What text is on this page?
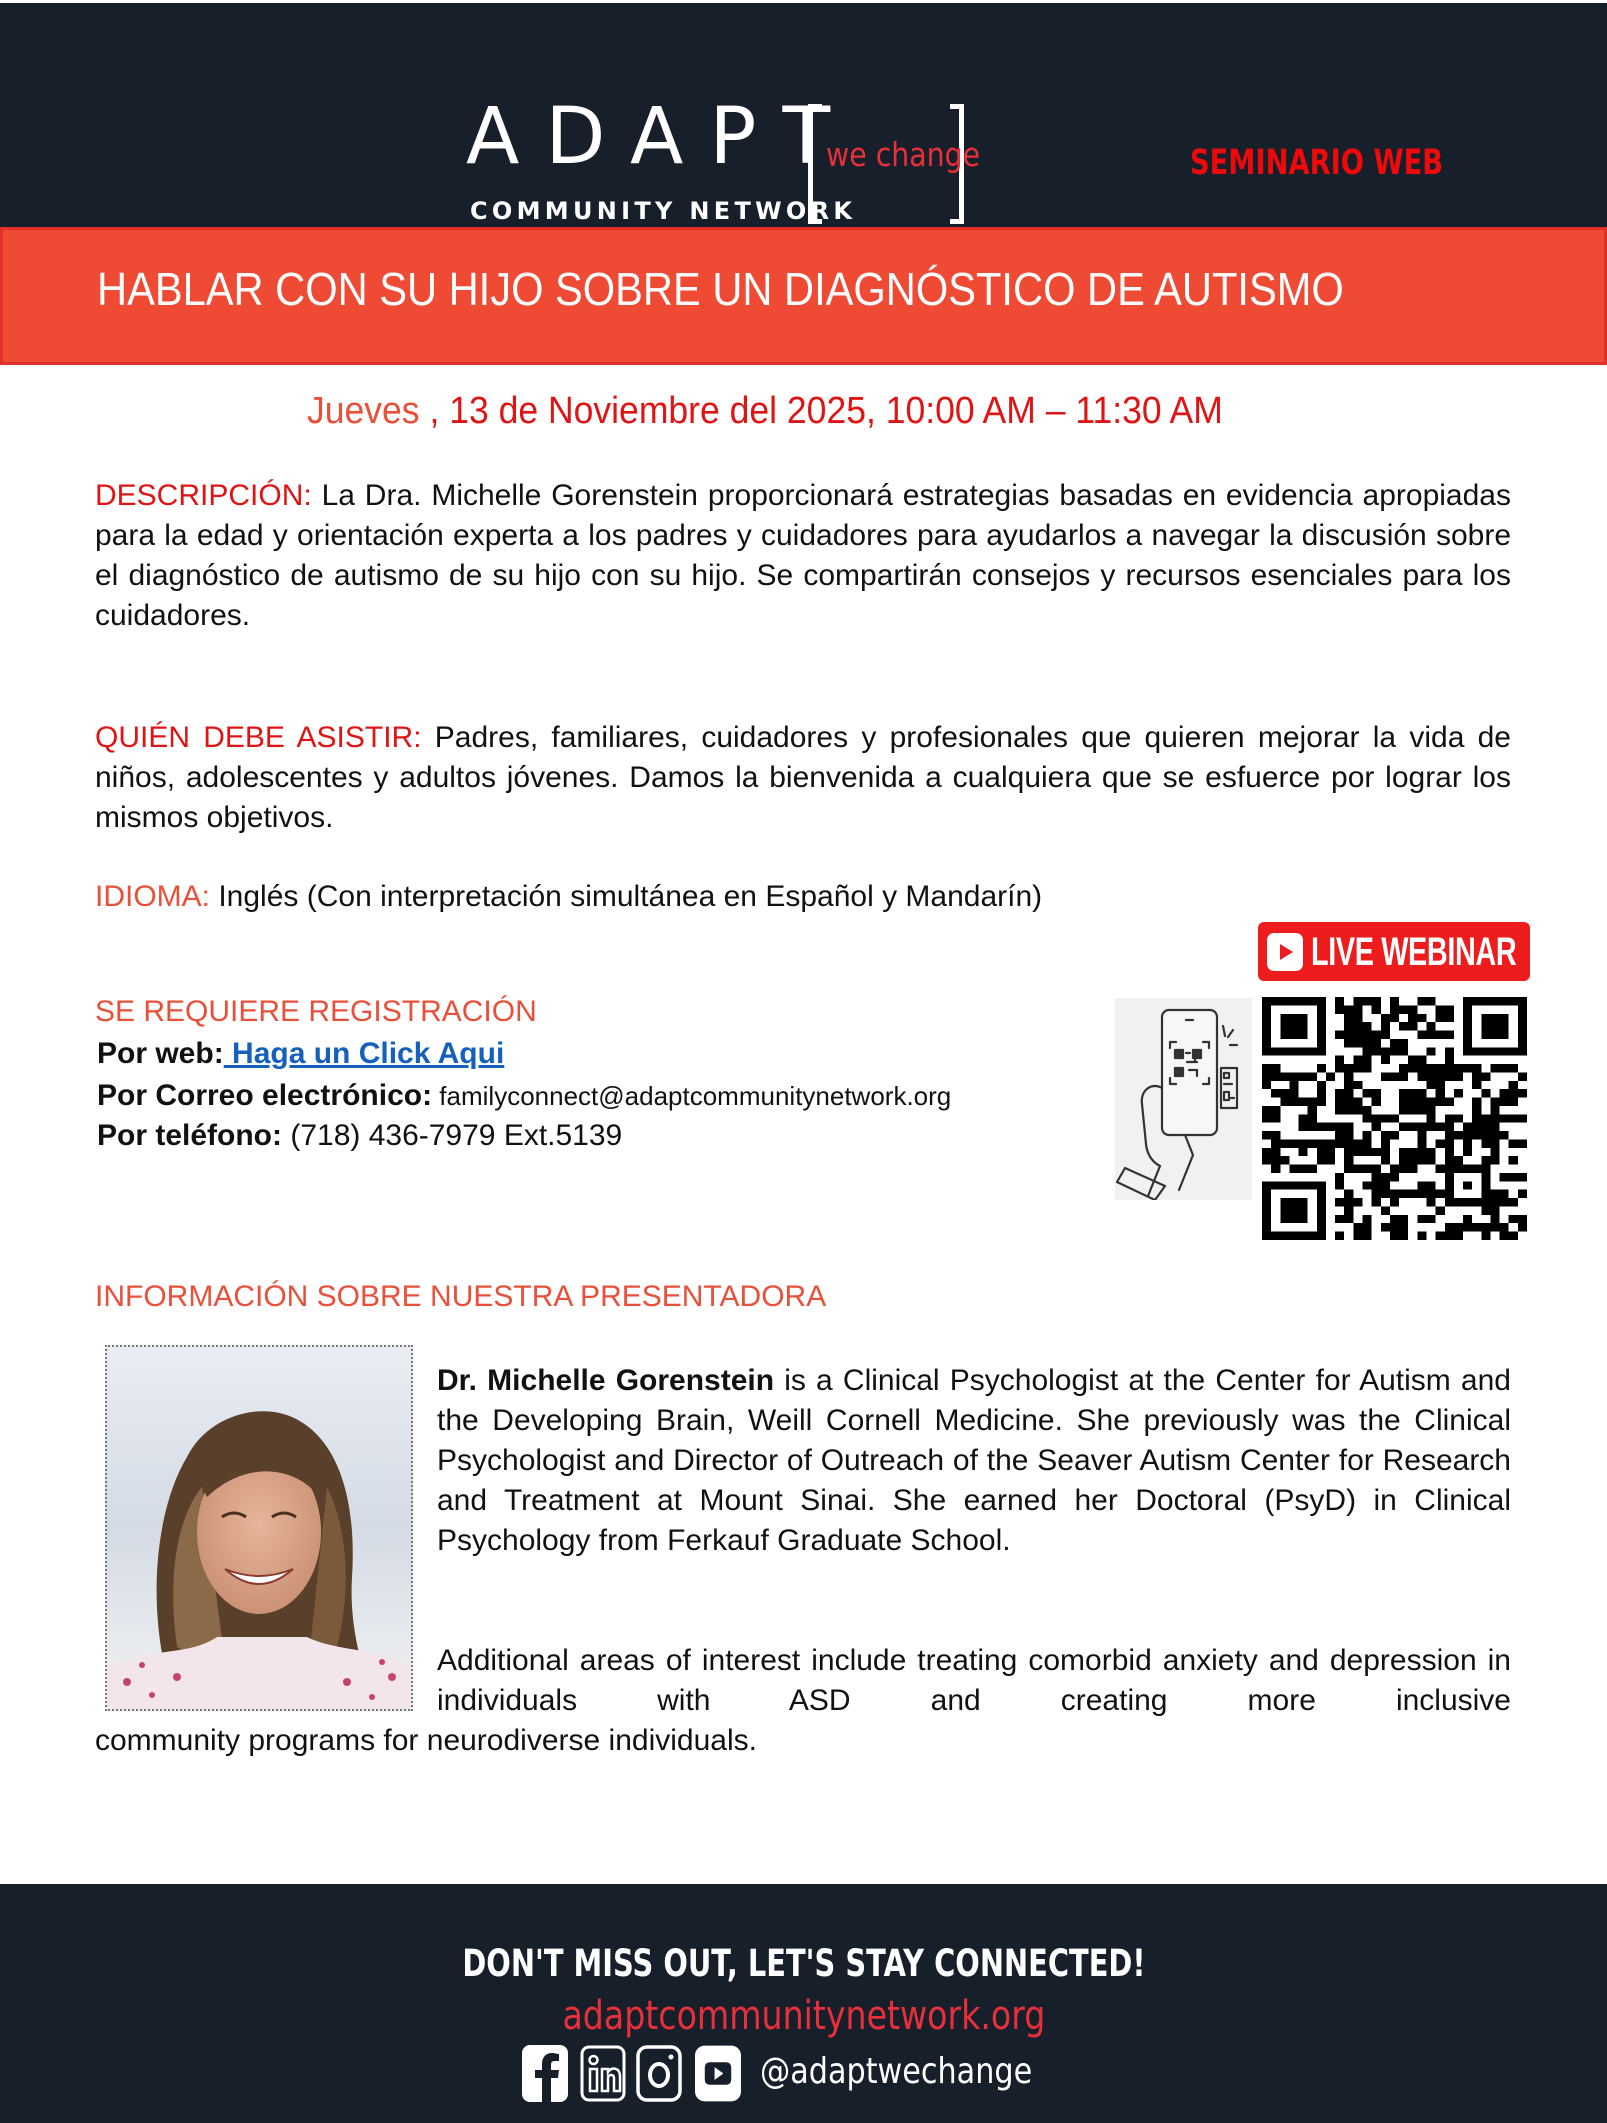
ADAPT
COMMUNITY NETWORK
we change	SEMINARIO WEB
HABLAR CON SU HIJO SOBRE UN DIAGNÓSTICO DE AUTISMO
Jueves , 13 de Noviembre del 2025, 10:00 AM – 11:30 AM
DESCRIPCIÓN: La Dra. Michelle Gorenstein proporcionará estrategias basadas en evidencia apropiadas para la edad y orientación experta a los padres y cuidadores para ayudarlos a navegar la discusión sobre el diagnóstico de autismo de su hijo con su hijo. Se compartirán consejos y recursos esenciales para los cuidadores.
QUIÉN DEBE ASISTIR: Padres, familiares, cuidadores y profesionales que quieren mejorar la vida de niños, adolescentes y adultos jóvenes. Damos la bienvenida a cualquiera que se esfuerce por lograr los mismos objetivos.
IDIOMA: Inglés (Con interpretación simultánea en Español y Mandarín)
LIVE WEBINAR
SE REQUIERE REGISTRACIÓN
Por web: Haga un Click Aqui
Por Correo electrónico: familyconnect@adaptcommunitynetwork.org
Por teléfono: (718) 436-7979 Ext.5139
INFORMACIÓN SOBRE NUESTRA PRESENTADORA
Dr. Michelle Gorenstein is a Clinical Psychologist at the Center for Autism and the Developing Brain, Weill Cornell Medicine. She previously was the Clinical Psychologist and Director of Outreach of the Seaver Autism Center for Research and Treatment at Mount Sinai. She earned her Doctoral (PsyD) in Clinical Psychology from Ferkauf Graduate School.
Additional areas of interest include treating comorbid anxiety and depression in individuals with ASD and creating more inclusive
community programs for neurodiverse individuals.
DON'T MISS OUT, LET'S STAY CONNECTED!
adaptcommunitynetwork.org
@adaptwechange
